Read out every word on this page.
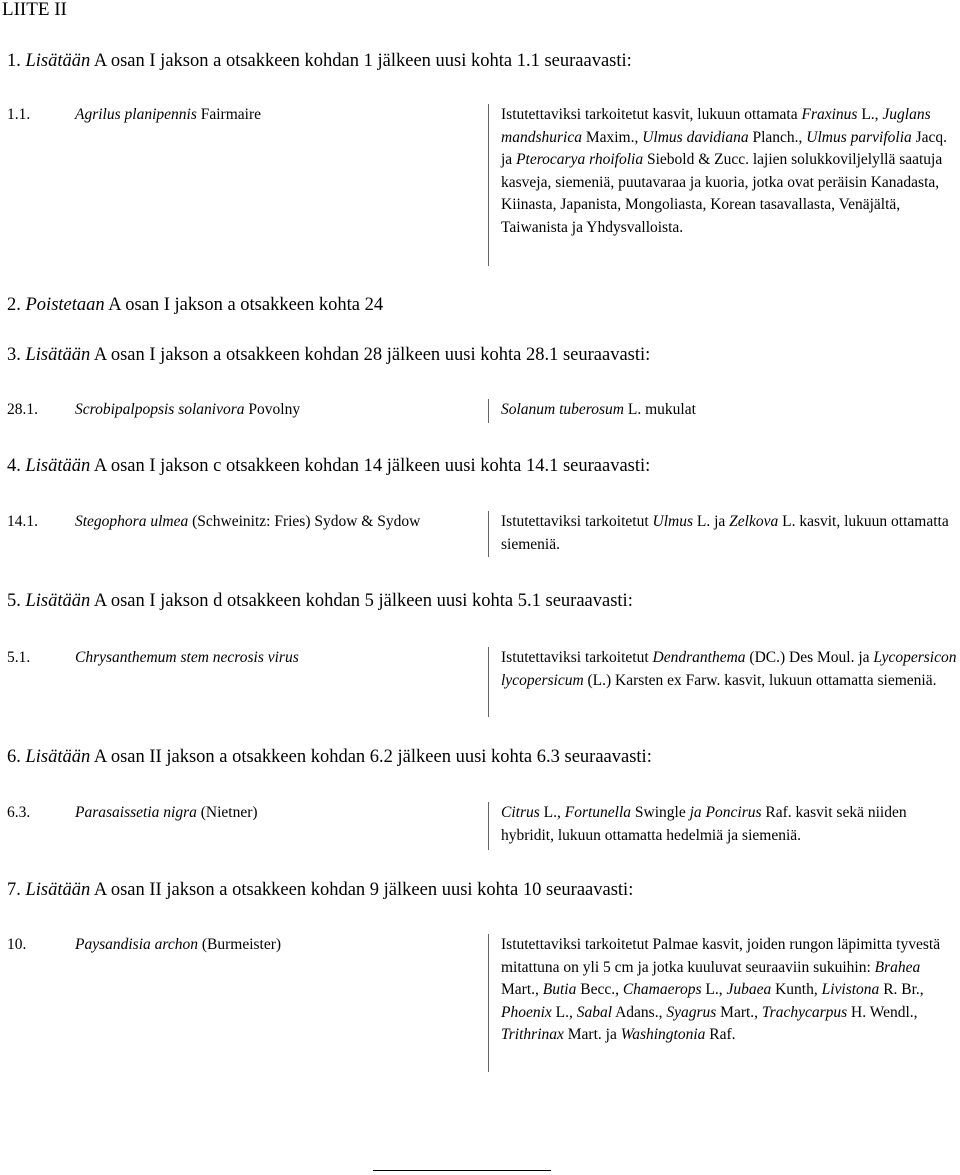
LIITE II
1. Lisätään A osan I jakson a otsakkeen kohdan 1 jälkeen uusi kohta 1.1 seuraavasti:
1.1.	Agrilus planipennis Fairmaire	Istutettaviksi tarkoitetut kasvit, lukuun ottamata Fraxinus L., Juglans mandshurica Maxim., Ulmus davidiana Planch., Ulmus parvifolia Jacq. ja Pterocarya rhoifolia Siebold & Zucc. lajien solukkoviljelyllä saatuja kasveja, siemeniä, puutavaraa ja kuoria, jotka ovat peräisin Kanadasta, Kiinasta, Japanista, Mongoliasta, Korean tasavallasta, Venäjältä, Taiwanista ja Yhdysvalloista.
2. Poistetaan A osan I jakson a otsakkeen kohta 24
3. Lisätään A osan I jakson a otsakkeen kohdan 28 jälkeen uusi kohta 28.1 seuraavasti:
28.1. Scrobipalpopsis solanivora Povolny	Solanum tuberosum L. mukulat
4. Lisätään A osan I jakson c otsakkeen kohdan 14 jälkeen uusi kohta 14.1 seuraavasti:
14.1. Stegophora ulmea (Schweinitz: Fries) Sydow & Sydow	Istutettaviksi tarkoitetut Ulmus L. ja Zelkova L. kasvit, lukuun ottamatta siemeniä.
5. Lisätään A osan I jakson d otsakkeen kohdan 5 jälkeen uusi kohta 5.1 seuraavasti:
5.1.	Chrysanthemum stem necrosis virus	Istutettaviksi tarkoitetut Dendranthema (DC.) Des Moul. ja Lycopersicon lycopersicum (L.) Karsten ex Farw. kasvit, lukuun ottamatta siemeniä.
6. Lisätään A osan II jakson a otsakkeen kohdan 6.2 jälkeen uusi kohta 6.3 seuraavasti:
6.3.	Parasaissetia nigra (Nietner)	Citrus L., Fortunella Swingle ja Poncirus Raf. kasvit sekä niiden hybridit, lukuun ottamatta hedelmiä ja siemeniä.
7. Lisätään A osan II jakson a otsakkeen kohdan 9 jälkeen uusi kohta 10 seuraavasti:
10.	Paysandisia archon (Burmeister)	Istutettaviksi tarkoitetut Palmae kasvit, joiden rungon läpimitta tyvestä mitattuna on yli 5 cm ja jotka kuuluvat seuraaviin sukuihin: Brahea Mart., Butia Becc., Chamaerops L., Jubaea Kunth, Livistona R. Br., Phoenix L., Sabal Adans., Syagrus Mart., Trachycarpus H. Wendl., Trithrinax Mart. ja Washingtonia Raf.
